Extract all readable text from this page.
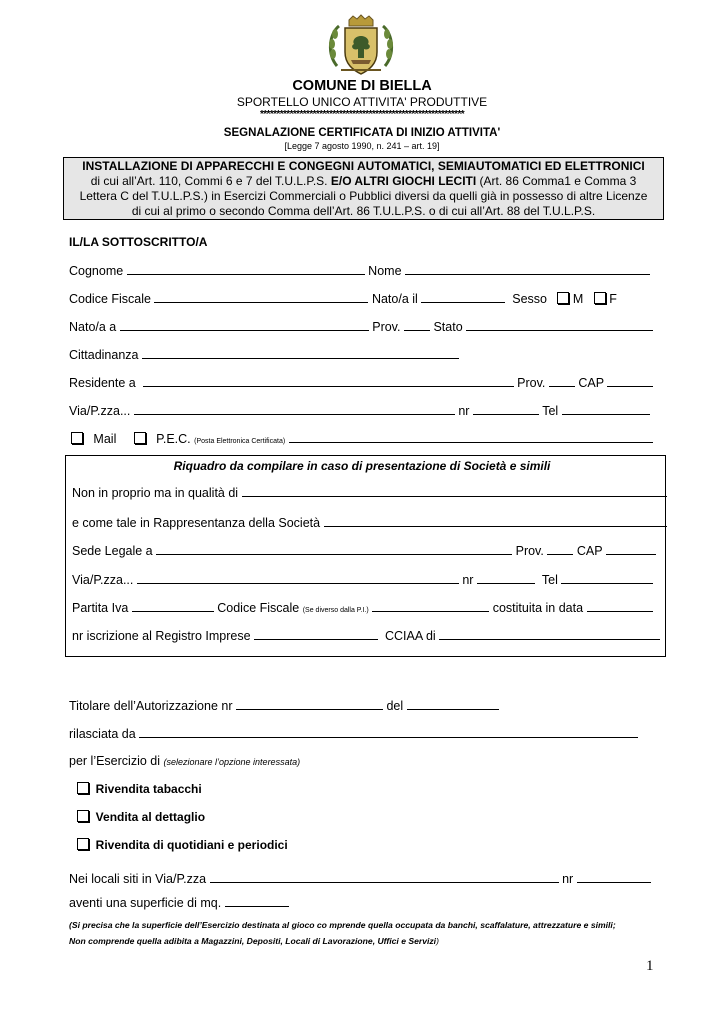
COMUNE DI BIELLA
SPORTELLO UNICO ATTIVITA' PRODUTTIVE
**************************************************************
SEGNALAZIONE CERTIFICATA DI INIZIO ATTIVITA'
[Legge 7 agosto 1990, n. 241 – art. 19]
INSTALLAZIONE DI APPARECCHI E CONGEGNI AUTOMATICI, SEMIAUTOMATICI ED ELETTRONICI
di cui all’Art. 110, Commi 6 e 7 del T.U.L.P.S. E/O ALTRI GIOCHI LECITI (Art. 86 Comma1 e Comma 3
Lettera C del T.U.L.P.S.) in Esercizi Commerciali o Pubblici diversi da quelli già in possesso di altre Licenze
di cui al primo o secondo Comma dell’Art. 86 T.U.L.P.S. o di cui all’Art. 88 del T.U.L.P.S.
IL/LA SOTTOSCRITTO/A
Cognome	Nome
Codice Fiscale	Nato/a il	Sesso M F
Nato/a a	Prov.	Stato
Cittadinanza
Residente a	Prov.	CAP
Via/P.zza...	nr	Tel
Mail	P.E.C. (Posta Elettronica Certificata)
Riquadro da compilare in caso di presentazione di Società e simili
Non in proprio ma in qualità di
e come tale in Rappresentanza della Società
Sede Legale a	Prov.	CAP
Via/P.zza...	nr	Tel
Partita Iva	Codice Fiscale (Se diverso dalla P.I.)	costituita in data
nr iscrizione al Registro Imprese	CCIAA di
Titolare dell’Autorizzazione nr	del
rilasciata da
per l’Esercizio di (selezionare l’opzione interessata)
Rivendita tabacchi
Vendita al dettaglio
Rivendita di quotidiani e periodici
Nei locali siti in Via/P.zza	nr
aventi una superficie di mq.
(Si precisa che la superficie dell’Esercizio destinata al gioco co mprende quella occupata da banchi, scaffalature, attrezzature e simili;
Non comprende quella adibita a Magazzini, Depositi, Locali di Lavorazione, Uffici e Servizi)
1
